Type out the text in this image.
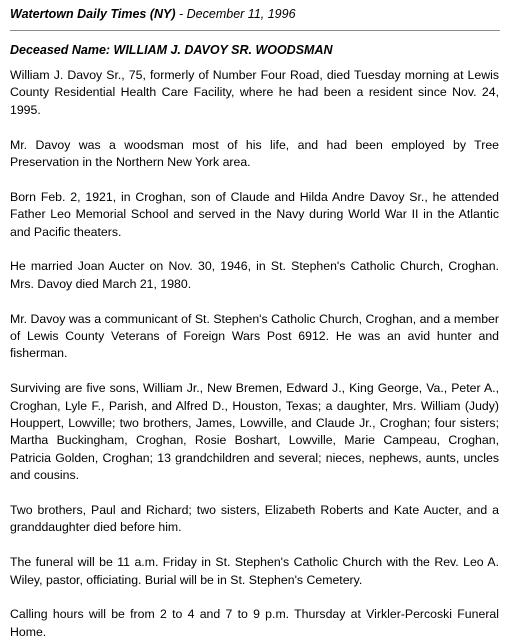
Watertown Daily Times (NY) - December 11, 1996
Deceased Name: WILLIAM J. DAVOY SR. WOODSMAN

William J. Davoy Sr., 75, formerly of Number Four Road, died Tuesday morning at Lewis County Residential Health Care Facility, where he had been a resident since Nov. 24, 1995.

Mr. Davoy was a woodsman most of his life, and had been employed by Tree Preservation in the Northern New York area.

Born Feb. 2, 1921, in Croghan, son of Claude and Hilda Andre Davoy Sr., he attended Father Leo Memorial School and served in the Navy during World War II in the Atlantic and Pacific theaters.

He married Joan Aucter on Nov. 30, 1946, in St. Stephen's Catholic Church, Croghan. Mrs. Davoy died March 21, 1980.

Mr. Davoy was a communicant of St. Stephen's Catholic Church, Croghan, and a member of Lewis County Veterans of Foreign Wars Post 6912. He was an avid hunter and fisherman.

Surviving are five sons, William Jr., New Bremen, Edward J., King George, Va., Peter A., Croghan, Lyle F., Parish, and Alfred D., Houston, Texas; a daughter, Mrs. William (Judy) Houppert, Lowville; two brothers, James, Lowville, and Claude Jr., Croghan; four sisters; Martha Buckingham, Croghan, Rosie Boshart, Lowville, Marie Campeau, Croghan, Patricia Golden, Croghan; 13 grandchildren and several; nieces, nephews, aunts, uncles and cousins.

Two brothers, Paul and Richard; two sisters, Elizabeth Roberts and Kate Aucter, and a granddaughter died before him.

The funeral will be 11 a.m. Friday in St. Stephen's Catholic Church with the Rev. Leo A. Wiley, pastor, officiating. Burial will be in St. Stephen's Cemetery.

Calling hours will be from 2 to 4 and 7 to 9 p.m. Thursday at Virkler-Percoski Funeral Home.
